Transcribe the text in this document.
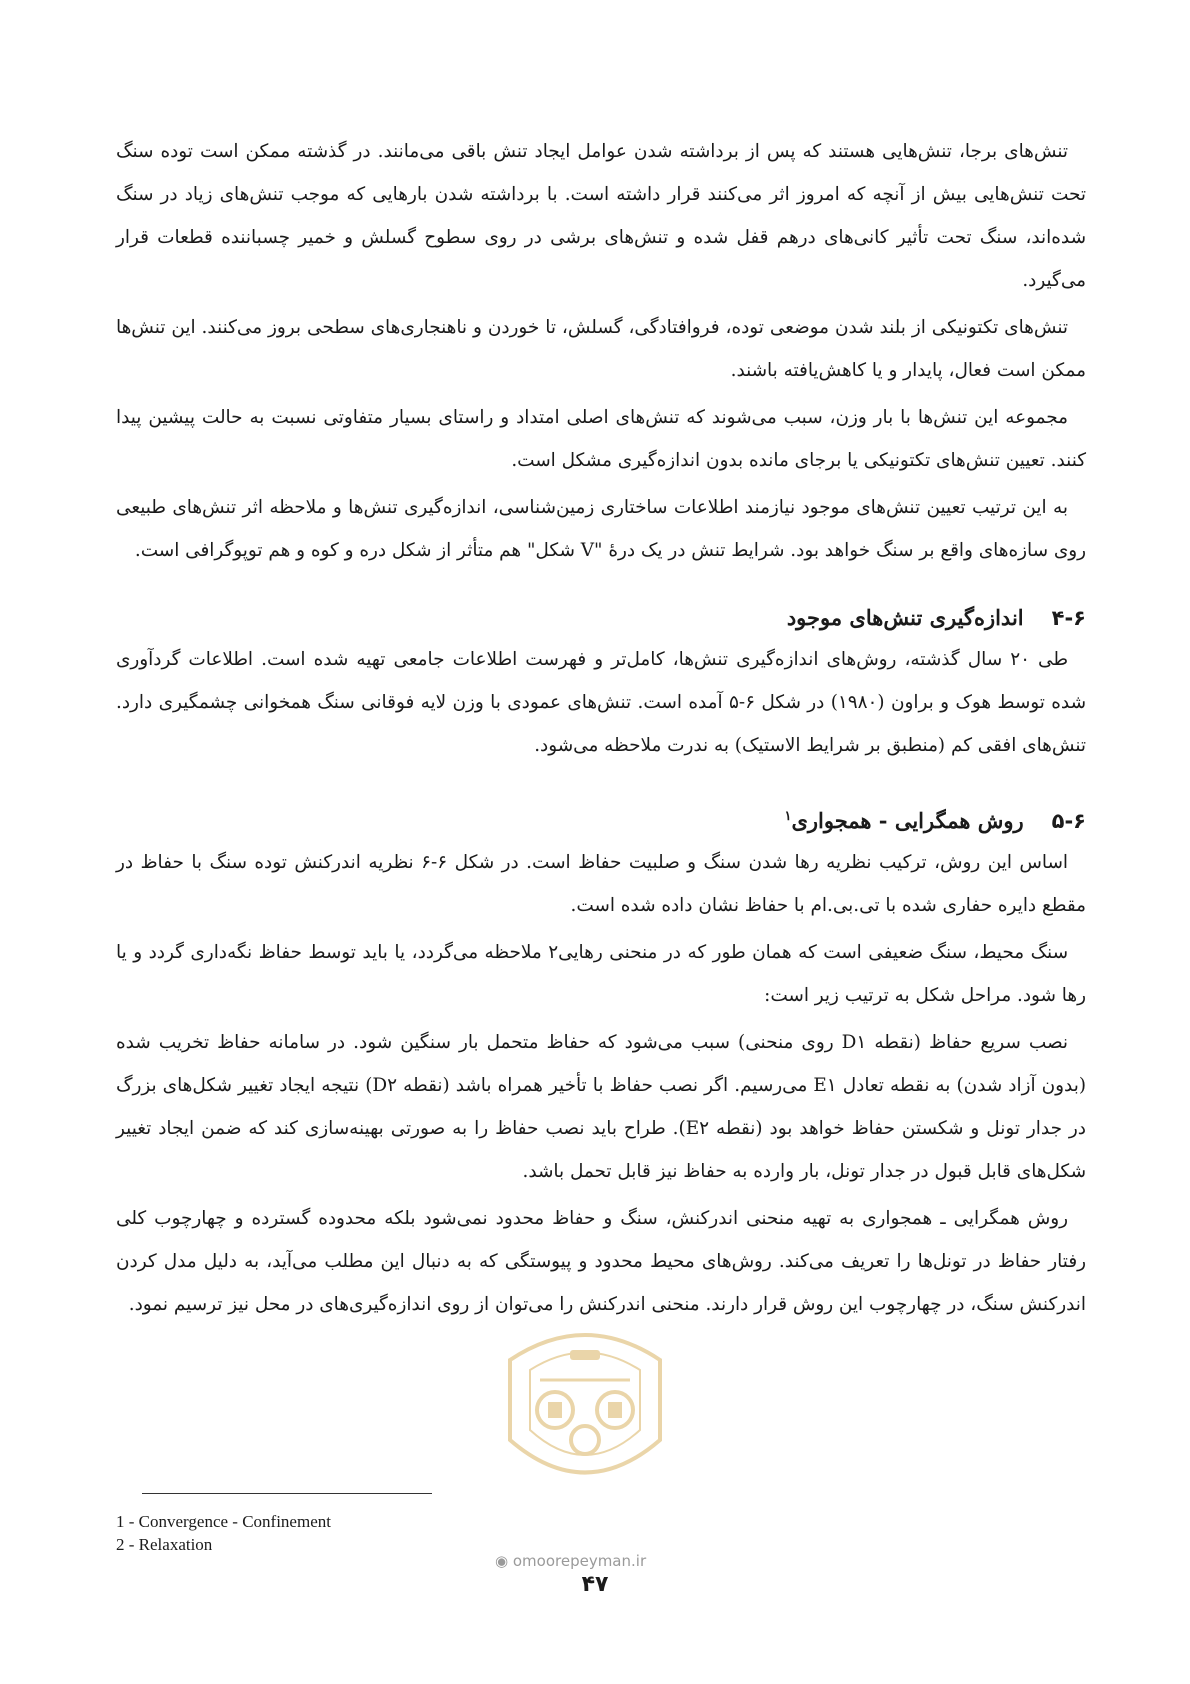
تنش‌های برجا، تنش‌هایی هستند که پس از برداشته شدن عوامل ایجاد تنش باقی می‌مانند. در گذشته ممکن است توده سنگ تحت تنش‌هایی بیش از آنچه که امروز اثر می‌کنند قرار داشته است. با برداشته شدن بارهایی که موجب تنش‌های زیاد در سنگ شده‌اند، سنگ تحت تأثیر کانی‌های درهم قفل شده و تنش‌های برشی در روی سطوح گسلش و خمیر چسباننده قطعات قرار می‌گیرد.

تنش‌های تکتونیکی از بلند شدن موضعی توده، فروافتادگی، گسلش، تا خوردن و ناهنجاری‌های سطحی بروز می‌کنند. این تنش‌ها ممکن است فعال، پایدار و یا کاهش‌یافته باشند.

مجموعه این تنش‌ها با بار وزن، سبب می‌شوند که تنش‌های اصلی امتداد و راستای بسیار متفاوتی نسبت به حالت پیشین پیدا کنند. تعیین تنش‌های تکتونیکی یا برجای مانده بدون اندازه‌گیری مشکل است.

به این ترتیب تعیین تنش‌های موجود نیازمند اطلاعات ساختاری زمین‌شناسی، اندازه‌گیری تنش‌ها و ملاحظه اثر تنش‌های طبیعی روی سازه‌های واقع بر سنگ خواهد بود. شرایط تنش در یک درهٔ "V شکل" هم متأثر از شکل دره و کوه و هم توپوگرافی است.

۴-۶
اندازه‌گیری تنش‌های موجود

طی ۲۰ سال گذشته، روش‌های اندازه‌گیری تنش‌ها، کامل‌تر و فهرست اطلاعات جامعی تهیه شده است. اطلاعات گردآوری شده توسط هوک و براون (۱۹۸۰) در شکل ۶-۵ آمده است. تنش‌های عمودی با وزن لایه فوقانی سنگ همخوانی چشمگیری دارد. تنش‌های افقی کم (منطبق بر شرایط الاستیک) به ندرت ملاحظه می‌شود.

۵-۶
روش همگرایی - همجواری$^۱$

اساس این روش، ترکیب نظریه رها شدن سنگ و صلبیت حفاظ است. در شکل ۶-۶ نظریه اندرکنش توده سنگ با حفاظ در مقطع دایره حفاری شده با تی.بی.ام با حفاظ نشان داده شده است.

سنگ محیط، سنگ ضعیفی است که همان طور که در منحنی رهایی۲ ملاحظه می‌گردد، یا باید توسط حفاظ نگه‌داری گردد و یا رها شود. مراحل شکل به ترتیب زیر است:

نصب سریع حفاظ (نقطه D۱ روی منحنی) سبب می‌شود که حفاظ متحمل بار سنگین شود. در سامانه حفاظ تخریب شده (بدون آزاد شدن) به نقطه تعادل E۱ می‌رسیم. اگر نصب حفاظ با تأخیر همراه باشد (نقطه D۲) نتیجه ایجاد تغییر شکل‌های بزرگ در جدار تونل و شکستن حفاظ خواهد بود (نقطه E۲). طراح باید نصب حفاظ را به صورتی بهینه‌سازی کند که ضمن ایجاد تغییر شکل‌های قابل قبول در جدار تونل، بار وارده به حفاظ نیز قابل تحمل باشد.

روش همگرایی ـ همجواری به تهیه منحنی اندرکنش، سنگ و حفاظ محدود نمی‌شود بلکه محدوده گسترده و چهارچوب کلی رفتار حفاظ در تونل‌ها را تعریف می‌کند. روش‌های محیط محدود و پیوستگی که به دنبال این مطلب می‌آید، به دلیل مدل کردن اندرکنش سنگ، در چهارچوب این روش قرار دارند. منحنی اندرکنش را می‌توان از روی اندازه‌گیری‌های در محل نیز ترسیم نمود.

◉ omoorepeyman.ir
1 - Convergence - Confinement
2 - Relaxation
۴۷
